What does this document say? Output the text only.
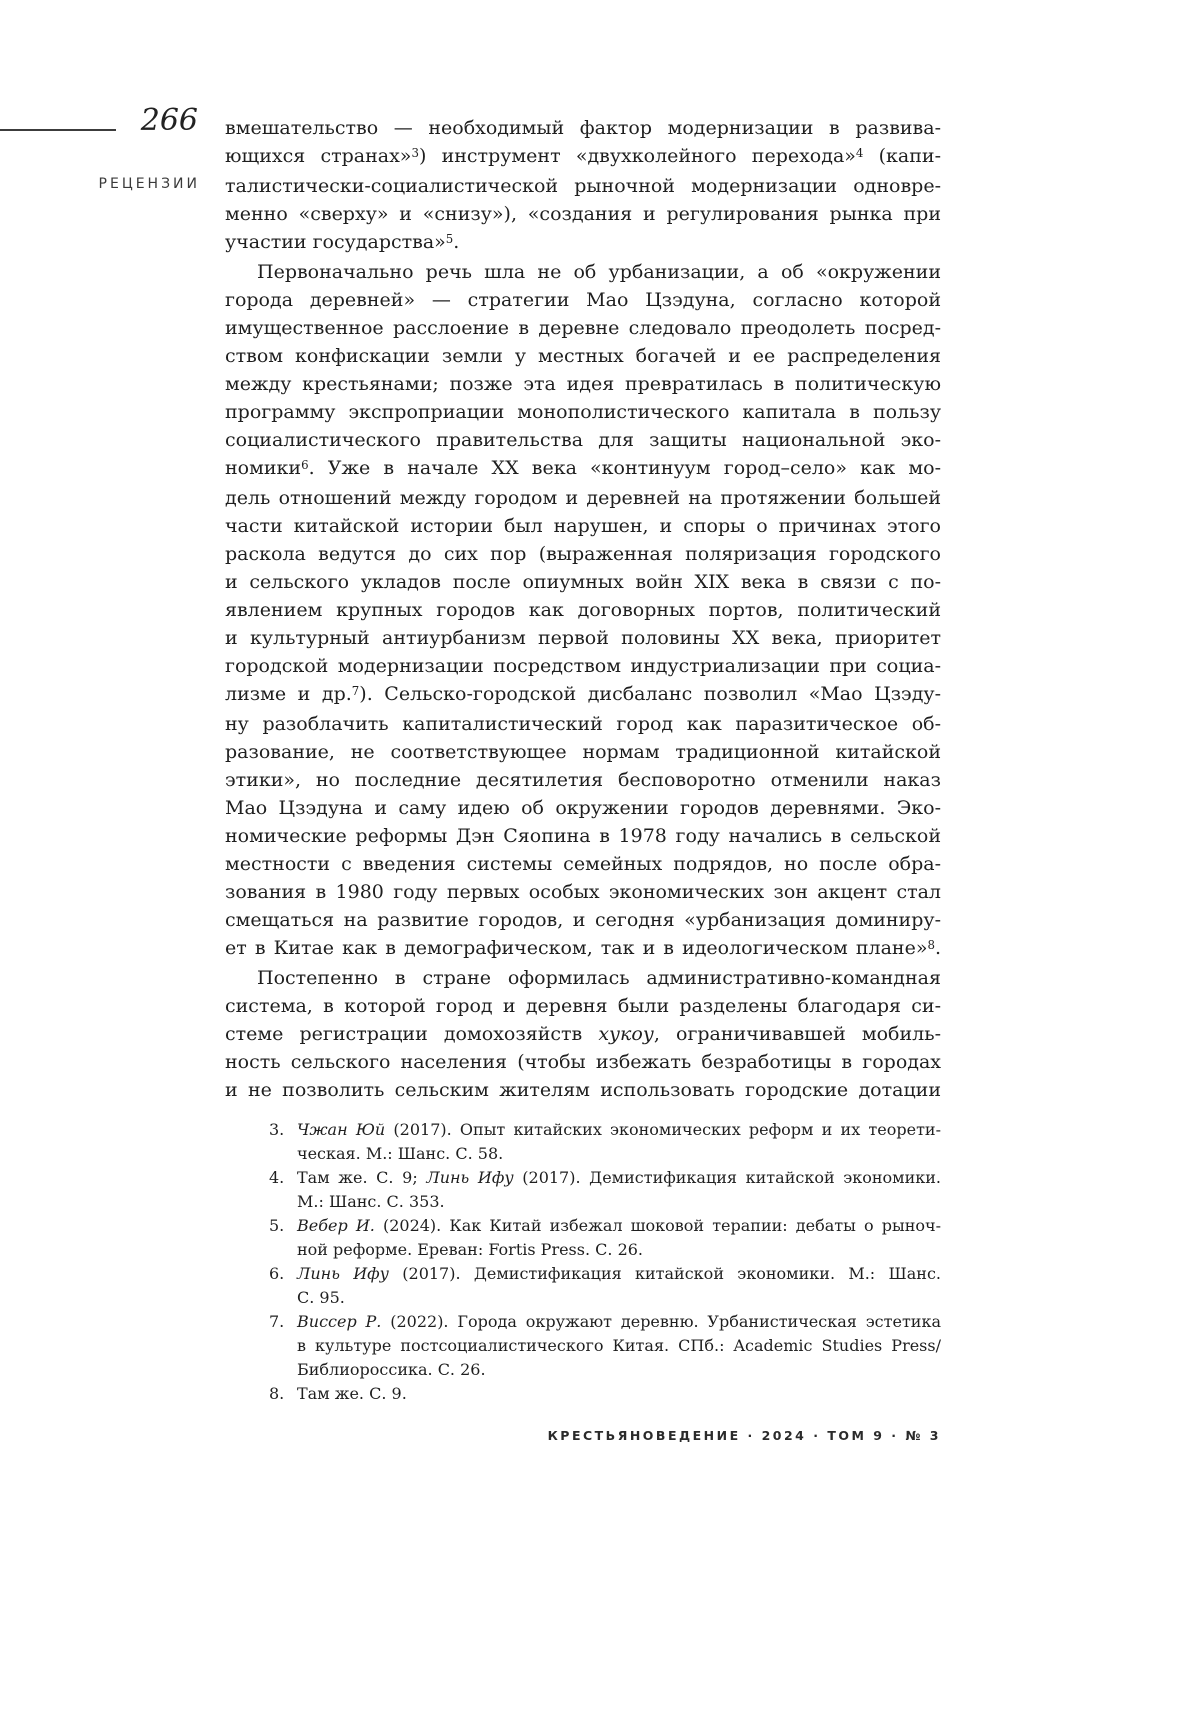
266
РЕЦЕНЗИИ
вмешательство — необходимый фактор модернизации в развива-
ющихся странах»$^3$) инструмент «двухколейного перехода»$^4$ (капи-
талистически-социалистической рыночной модернизации одновре-
менно «сверху» и «снизу»), «создания и регулирования рынка при
участии государства»$^5$.
Первоначально речь шла не об урбанизации, а об «окружении
города деревней» — стратегии Мао Цзэдуна, согласно которой
имущественное расслоение в деревне следовало преодолеть посред-
ством конфискации земли у местных богачей и ее распределения
между крестьянами; позже эта идея превратилась в политическую
программу экспроприации монополистического капитала в пользу
социалистического правительства для защиты национальной эко-
номики$^6$. Уже в начале XX века «континуум город–село» как мо-
дель отношений между городом и деревней на протяжении большей
части китайской истории был нарушен, и споры о причинах этого
раскола ведутся до сих пор (выраженная поляризация городского
и сельского укладов после опиумных войн XIX века в связи с по-
явлением крупных городов как договорных портов, политический
и культурный антиурбанизм первой половины XX века, приоритет
городской модернизации посредством индустриализации при социа-
лизме и др.$^7$). Сельско-городской дисбаланс позволил «Мао Цзэду-
ну разоблачить капиталистический город как паразитическое об-
разование, не соответствующее нормам традиционной китайской
этики», но последние десятилетия бесповоротно отменили наказ
Мао Цзэдуна и саму идею об окружении городов деревнями. Эко-
номические реформы Дэн Сяопина в 1978 году начались в сельской
местности с введения системы семейных подрядов, но после обра-
зования в 1980 году первых особых экономических зон акцент стал
смещаться на развитие городов, и сегодня «урбанизация доминиру-
ет в Китае как в демографическом, так и в идеологическом плане»$^8$.
Постепенно в стране оформилась административно-командная
система, в которой город и деревня были разделены благодаря си-
стеме регистрации домохозяйств хукоу, ограничивавшей мобиль-
ность сельского населения (чтобы избежать безработицы в городах
и не позволить сельским жителям использовать городские дотации
3. Чжан Юй (2017). Опыт китайских экономических реформ и их теорети-
ческая. М.: Шанс. С. 58.
4. Там же. С. 9; Линь Ифу (2017). Демистификация китайской экономики.
М.: Шанс. С. 353.
5. Вебер И. (2024). Как Китай избежал шоковой терапии: дебаты о рыноч-
ной реформе. Ереван: Fortis Press. С. 26.
6. Линь Ифу (2017). Демистификация китайской экономики. М.: Шанс.
С. 95.
7. Виссер Р. (2022). Города окружают деревню. Урбанистическая эстетика
в культуре постсоциалистического Китая. СПб.: Academic Studies Press/
Библиороссика. С. 26.
8. Там же. С. 9.
КРЕСТЬЯНОВЕДЕНИЕ · 2024 · ТОМ 9 · № 3
